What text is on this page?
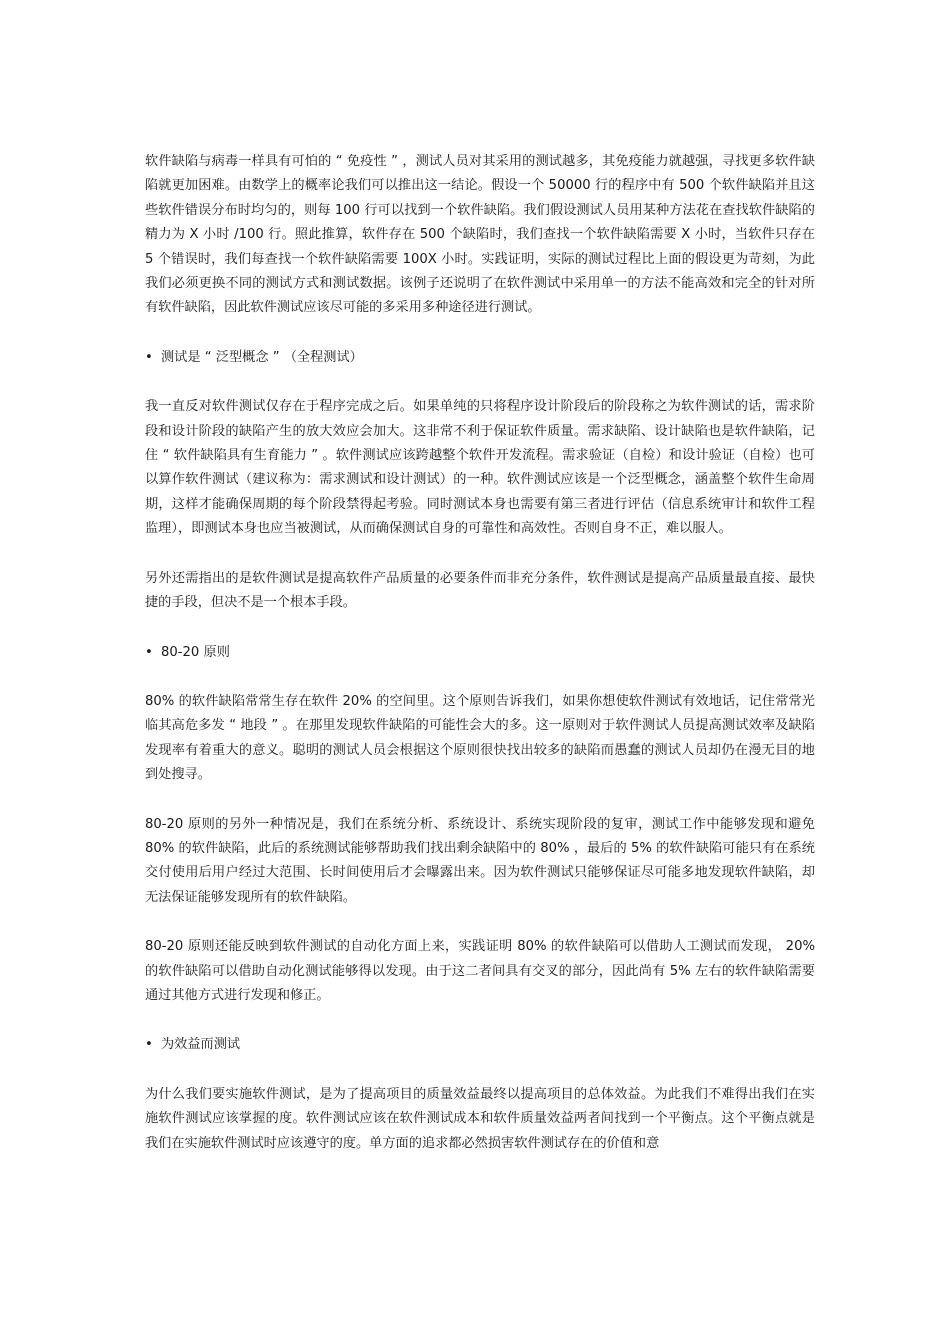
软件缺陷与病毒一样具有可怕的 “ 免疫性 ” ，测试人员对其采用的测试越多，其免疫能力就越强，寻找更多软件缺陷就更加困难。由数学上的概率论我们可以推出这一结论。假设一个 50000 行的程序中有 500 个软件缺陷并且这些软件错误分布时均匀的，则每 100 行可以找到一个软件缺陷。我们假设测试人员用某种方法花在查找软件缺陷的精力为 X 小时 /100 行。照此推算，软件存在 500 个缺陷时，我们查找一个软件缺陷需要 X 小时，当软件只存在 5 个错误时，我们每查找一个软件缺陷需要 100X 小时。实践证明，实际的测试过程比上面的假设更为苛刻，为此我们必须更换不同的测试方式和测试数据。该例子还说明了在软件测试中采用单一的方法不能高效和完全的针对所有软件缺陷，因此软件测试应该尽可能的多采用多种途径进行测试。

• 测试是 “ 泛型概念 ” （全程测试）

我一直反对软件测试仅存在于程序完成之后。如果单纯的只将程序设计阶段后的阶段称之为软件测试的话，需求阶段和设计阶段的缺陷产生的放大效应会加大。这非常不利于保证软件质量。需求缺陷、设计缺陷也是软件缺陷，记住 “ 软件缺陷具有生育能力 ” 。软件测试应该跨越整个软件开发流程。需求验证（自检）和设计验证（自检）也可以算作软件测试（建议称为：需求测试和设计测试）的一种。软件测试应该是一个泛型概念，涵盖整个软件生命周期，这样才能确保周期的每个阶段禁得起考验。同时测试本身也需要有第三者进行评估（信息系统审计和软件工程监理），即测试本身也应当被测试，从而确保测试自身的可靠性和高效性。否则自身不正，难以服人。

另外还需指出的是软件测试是提高软件产品质量的必要条件而非充分条件，软件测试是提高产品质量最直接、最快捷的手段，但决不是一个根本手段。

• 80-20 原则

80% 的软件缺陷常常生存在软件 20% 的空间里。这个原则告诉我们，如果你想使软件测试有效地话，记住常常光临其高危多发 “ 地段 ” 。在那里发现软件缺陷的可能性会大的多。这一原则对于软件测试人员提高测试效率及缺陷发现率有着重大的意义。聪明的测试人员会根据这个原则很快找出较多的缺陷而愚蠢的测试人员却仍在漫无目的地到处搜寻。

80-20 原则的另外一种情况是，我们在系统分析、系统设计、系统实现阶段的复审，测试工作中能够发现和避免 80% 的软件缺陷，此后的系统测试能够帮助我们找出剩余缺陷中的 80% ，最后的 5% 的软件缺陷可能只有在系统交付使用后用户经过大范围、长时间使用后才会曝露出来。因为软件测试只能够保证尽可能多地发现软件缺陷，却无法保证能够发现所有的软件缺陷。

80-20 原则还能反映到软件测试的自动化方面上来，实践证明 80% 的软件缺陷可以借助人工测试而发现， 20% 的软件缺陷可以借助自动化测试能够得以发现。由于这二者间具有交叉的部分，因此尚有 5% 左右的软件缺陷需要通过其他方式进行发现和修正。

• 为效益而测试

为什么我们要实施软件测试，是为了提高项目的质量效益最终以提高项目的总体效益。为此我们不难得出我们在实施软件测试应该掌握的度。软件测试应该在软件测试成本和软件质量效益两者间找到一个平衡点。这个平衡点就是我们在实施软件测试时应该遵守的度。单方面的追求都必然损害软件测试存在的价值和意
